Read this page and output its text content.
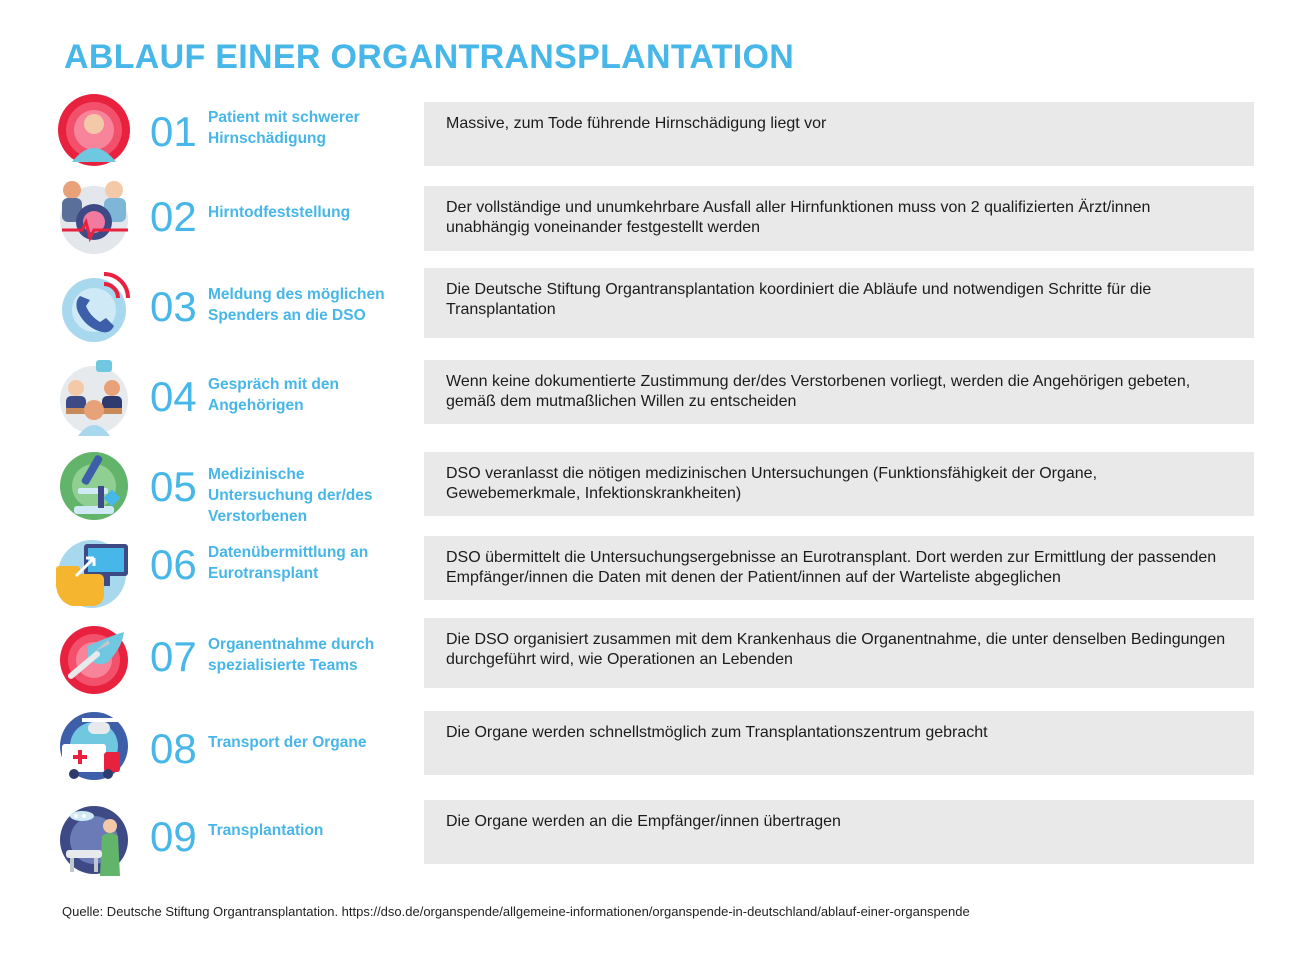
ABLAUF EINER ORGANTRANSPLANTATION
01 Patient mit schwerer Hirnschädigung
Massive, zum Tode führende Hirnschädigung liegt vor
02 Hirntodfeststellung	Der vollständige und unumkehrbare Ausfall aller Hirnfunktionen muss von 2 qualifizierten Ärzt/innen unabhängig voneinander festgestellt werden
03 Meldung des möglichen Spenders an die DSO
Die Deutsche Stiftung Organtransplantation koordiniert die Abläufe und notwendigen Schritte für die Transplantation
04 Gespräch mit den Angehörigen
Wenn keine dokumentierte Zustimmung der/des Verstorbenen vorliegt, werden die Angehörigen gebeten, gemäß dem mutmaßlichen Willen zu entscheiden
05 Medizinische Untersuchung der/des Verstorbenen
DSO veranlasst die nötigen medizinischen Untersuchungen (Funktionsfähigkeit der Organe, Gewebemerkmale, Infektionskrankheiten)
06 Datenübermittlung an Eurotransplant
DSO übermittelt die Untersuchungsergebnisse an Eurotransplant. Dort werden zur Ermittlung der passenden Empfänger/innen die Daten mit denen der Patient/innen auf der Warteliste abgeglichen
07 Organentnahme durch spezialisierte Teams
Die DSO organisiert zusammen mit dem Krankenhaus die Organentnahme, die unter denselben Bedingungen durchgeführt wird, wie Operationen an Lebenden
08 Transport der Organe
Die Organe werden schnellstmöglich zum Transplantationszentrum gebracht
09 Transplantation
Die Organe werden an die Empfänger/innen übertragen
Quelle: Deutsche Stiftung Organtransplantation. https://dso.de/organspende/allgemeine-informationen/organspende-in-deutschland/ablauf-einer-organspende
